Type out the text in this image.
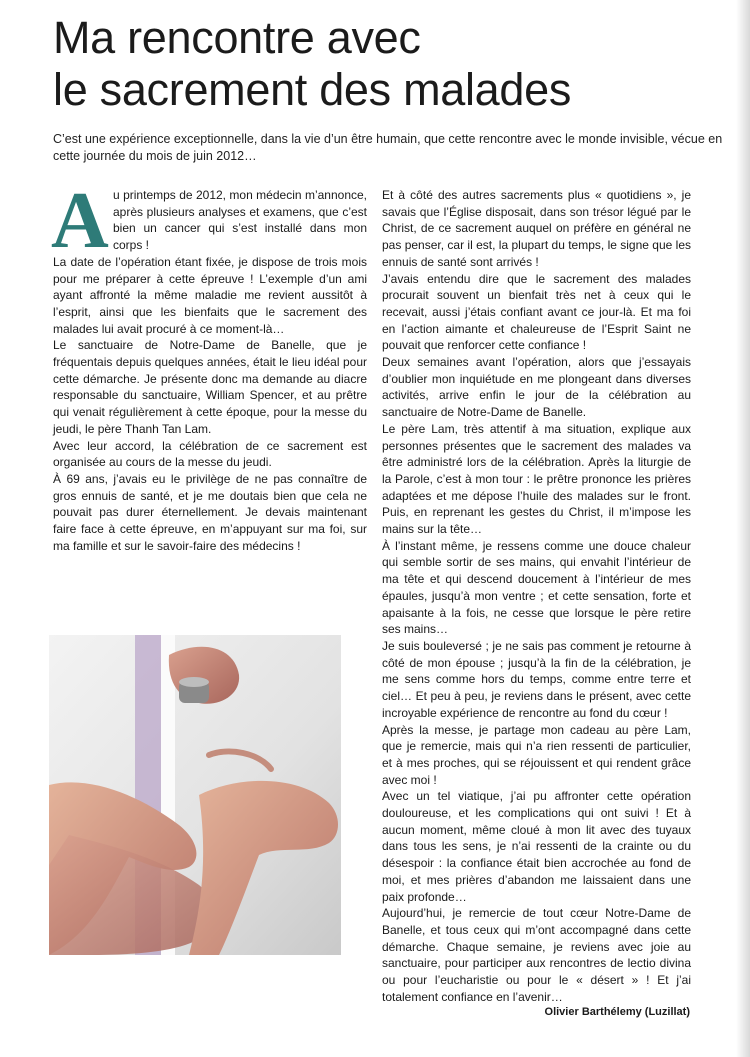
Ma rencontre avec
le sacrement des malades

C’est une expérience exceptionnelle, dans la vie d’un être humain, que cette rencontre avec le monde invisible, vécue en cette journée du mois de juin 2012…

A u printemps de 2012, mon médecin m’annonce, après plusieurs analyses et examens, que c’est bien un cancer qui s’est installé dans mon corps !

La date de l’opération étant fixée, je dispose de trois mois pour me préparer à cette épreuve ! L’exemple d’un ami ayant affronté la même maladie me revient aussitôt à l’esprit, ainsi que les bienfaits que le sacrement des malades lui avait procuré à ce moment-là…

Le sanctuaire de Notre-Dame de Banelle, que je fréquentais depuis quelques années, était le lieu idéal pour cette démarche. Je présente donc ma demande au diacre responsable du sanctuaire, William Spencer, et au prêtre qui venait régulièrement à cette époque, pour la messe du jeudi, le père Thanh Tan Lam.

Avec leur accord, la célébration de ce sacrement est organisée au cours de la messe du jeudi.

À 69 ans, j’avais eu le privilège de ne pas connaître de gros ennuis de santé, et je me doutais bien que cela ne pouvait pas durer éternellement. Je devais maintenant faire face à cette épreuve, en m’appuyant sur ma foi, sur ma famille et sur le savoir-faire des médecins !

Et à côté des autres sacrements plus « quotidiens », je savais que l’Église disposait, dans son trésor légué par le Christ, de ce sacrement auquel on préfère en général ne pas penser, car il est, la plupart du temps, le signe que les ennuis de santé sont arrivés !

J’avais entendu dire que le sacrement des malades procurait souvent un bienfait très net à ceux qui le recevait, aussi j’étais confiant avant ce jour-là. Et ma foi en l’action aimante et chaleureuse de l’Esprit Saint ne pouvait que renforcer cette confiance !

Deux semaines avant l’opération, alors que j’essayais d’oublier mon inquiétude en me plongeant dans diverses activités, arrive enfin le jour de la célébration au sanctuaire de Notre-Dame de Banelle.

Le père Lam, très attentif à ma situation, explique aux personnes présentes que le sacrement des malades va être administré lors de la célébration. Après la liturgie de la Parole, c’est à mon tour : le prêtre prononce les prières adaptées et me dépose l’huile des malades sur le front. Puis, en reprenant les gestes du Christ, il m’impose les mains sur la tête…

À l’instant même, je ressens comme une douce chaleur qui semble sortir de ses mains, qui envahit l’intérieur de ma tête et qui descend doucement à l’intérieur de mes épaules, jusqu’à mon ventre ; et cette sensation, forte et apaisante à la fois, ne cesse que lorsque le père retire ses mains…

Je suis bouleversé ; je ne sais pas comment je retourne à côté de mon épouse ; jusqu’à la fin de la célébration, je me sens comme hors du temps, comme entre terre et ciel… Et peu à peu, je reviens dans le présent, avec cette incroyable expérience de rencontre au fond du cœur !

Après la messe, je partage mon cadeau au père Lam, que je remercie, mais qui n’a rien ressenti de particulier, et à mes proches, qui se réjouissent et qui rendent grâce avec moi !

Avec un tel viatique, j’ai pu affronter cette opération douloureuse, et les complications qui ont suivi ! Et à aucun moment, même cloué à mon lit avec des tuyaux dans tous les sens, je n’ai ressenti de la crainte ou du désespoir : la confiance était bien accrochée au fond de moi, et mes prières d’abandon me laissaient dans une paix profonde…

Aujourd’hui, je remercie de tout cœur Notre-Dame de Banelle, et tous ceux qui m’ont accompagné dans cette démarche. Chaque semaine, je reviens avec joie au sanctuaire, pour participer aux rencontres de lectio divina ou pour l’eucharistie ou pour le « désert » ! Et j’ai totalement confiance en l’avenir…

Olivier Barthélemy (Luzillat)
